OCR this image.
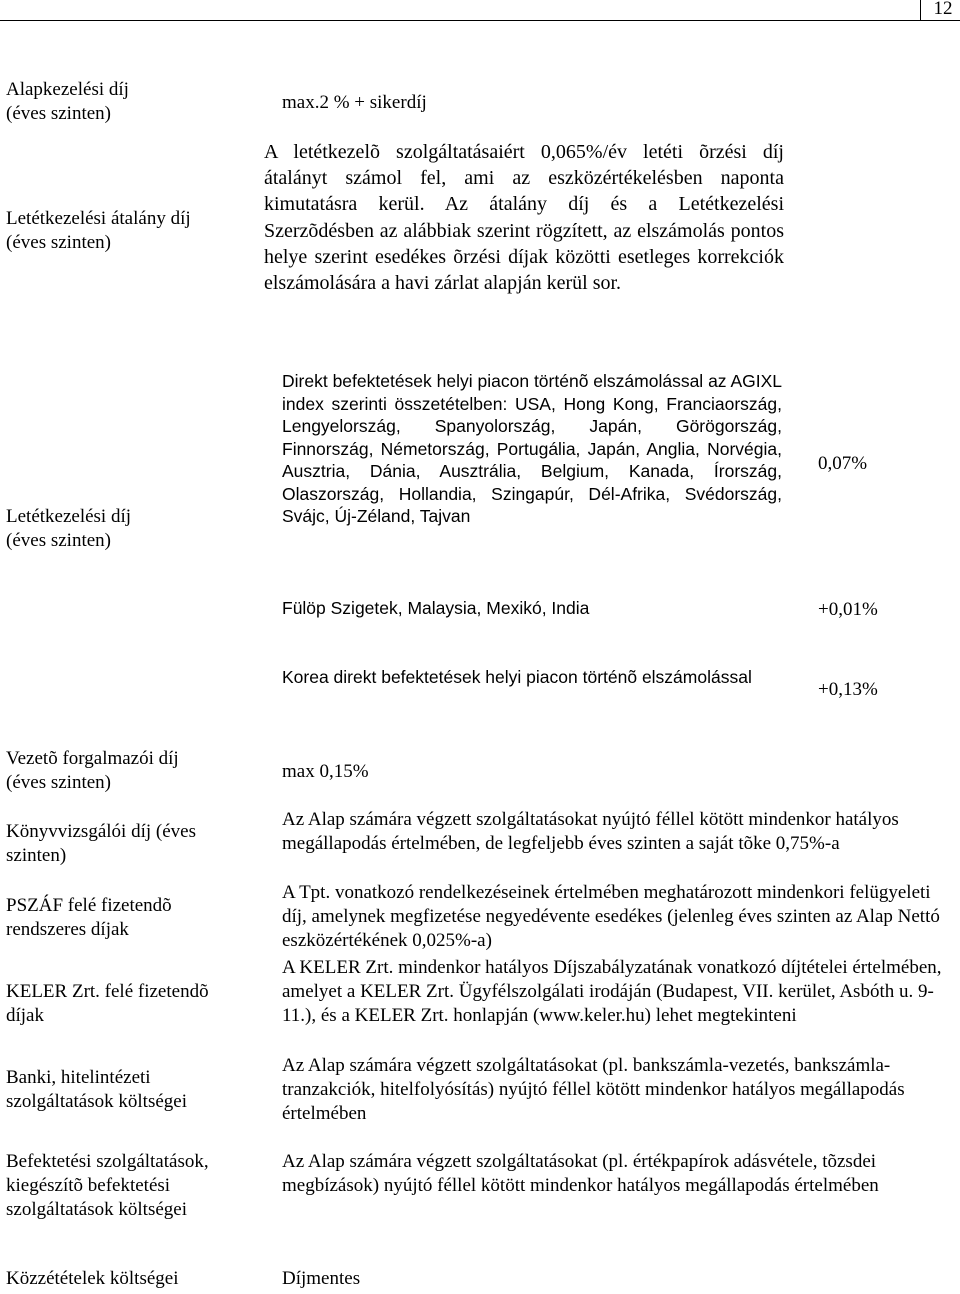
12
Alapkezelési díj
(éves szinten)
max.2 % + sikerdíj
Letétkezelési átalány díj
(éves szinten)
A letétkezelõ szolgáltatásaiért 0,065%/év letéti õrzési díj átalányt számol fel, ami az eszközértékelésben naponta kimutatásra kerül. Az átalány díj és a Letétkezelési Szerzõdésben az alábbiak szerint rögzített, az elszámolás pontos helye szerint esedékes õrzési díjak közötti esetleges korrekciók elszámolására a havi zárlat alapján kerül sor.
Letétkezelési díj
(éves szinten)
Direkt befektetések helyi piacon történõ elszámolással az AGIXL index szerinti összetételben: USA, Hong Kong, Franciaország, Lengyelország, Spanyolország, Japán, Görögország, Finnország, Németország, Portugália, Japán, Anglia, Norvégia, Ausztria, Dánia, Ausztrália, Belgium, Kanada, Írország, Olaszország, Hollandia, Szingapúr, Dél-Afrika, Svédország, Svájc, Új-Zéland, Tajvan
0,07%
Fülöp Szigetek, Malaysia, Mexikó, India	+0,01%
Korea direkt befektetések helyi piacon történõ elszámolással
+0,13%
Vezetõ forgalmazói díj
(éves szinten)
max 0,15%
Könyvvizsgálói díj (éves
szinten)
Az Alap számára végzett szolgáltatásokat nyújtó féllel kötött mindenkor hatályos megállapodás értelmében, de legfeljebb éves szinten a saját tõke 0,75%-a
PSZÁF felé fizetendõ
rendszeres díjak
A Tpt. vonatkozó rendelkezéseinek értelmében meghatározott mindenkori felügyeleti díj, amelynek megfizetése negyedévente esedékes (jelenleg éves szinten az Alap Nettó eszközértékének 0,025%-a)
KELER Zrt. felé fizetendõ
díjak
A KELER Zrt. mindenkor hatályos Díjszabályzatának vonatkozó díjtételei értelmében, amelyet a KELER Zrt. Ügyfélszolgálati irodáján (Budapest, VII. kerület, Asbóth u. 9-11.), és a KELER Zrt. honlapján (www.keler.hu) lehet megtekinteni
Banki, hitelintézeti
szolgáltatások költségei
Az Alap számára végzett szolgáltatásokat (pl. bankszámla-vezetés, bankszámla-tranzakciók, hitelfolyósítás) nyújtó féllel kötött mindenkor hatályos megállapodás értelmében
Befektetési szolgáltatások,
kiegészítõ befektetési
szolgáltatások költségei
Az Alap számára végzett szolgáltatásokat (pl. értékpapírok adásvétele, tõzsdei megbízások) nyújtó féllel kötött mindenkor hatályos megállapodás értelmében
Közzétételek költségei	Díjmentes
